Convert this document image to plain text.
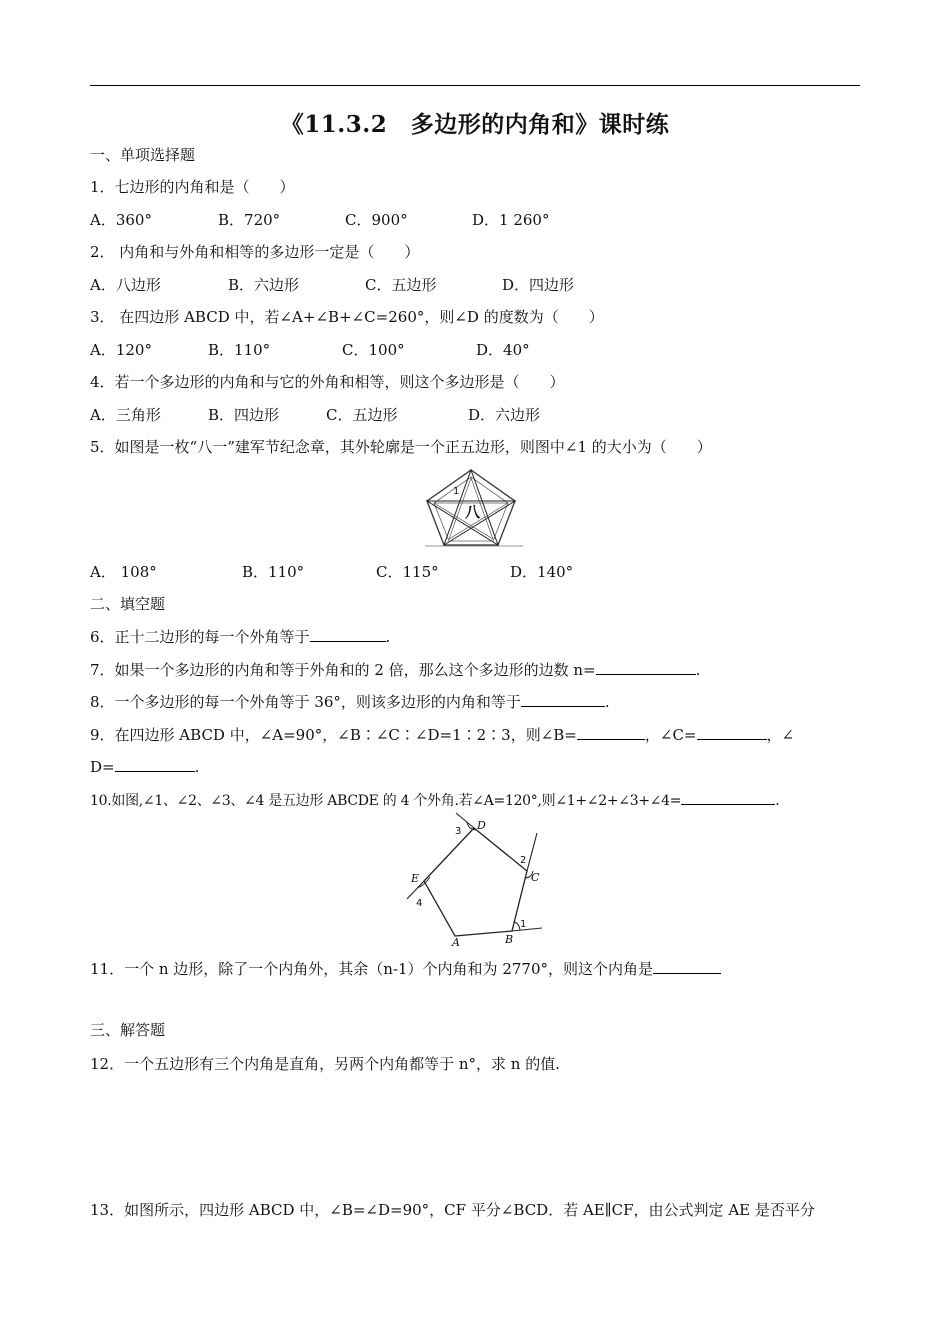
《11.3.2　多边形的内角和》课时练
一、单项选择题
1．七边形的内角和是（　　）
A．360°	B．720°	C．900°	D．1 260°
2． 内角和与外角和相等的多边形一定是（　　）
A．八边形	B．六边形	C．五边形	D．四边形
3． 在四边形 ABCD 中，若∠A+∠B+∠C=260°，则∠D 的度数为（　　）
A．120°	B．110°	C．100°	D．40°
4．若一个多边形的内角和与它的外角和相等，则这个多边形是（　　）
A．三角形	B．四边形	C．五边形	D．六边形
5．如图是一枚“八一”建军节纪念章，其外轮廓是一个正五边形，则图中∠1 的大小为（　　）
八
1
A． 108°	B．110°	C．115°	D．140°
二、填空题
6．正十二边形的每一个外角等于	.
7．如果一个多边形的内角和等于外角和的 2 倍，那么这个多边形的边数 n=	.
8．一个多边形的每一个外角等于 36°，则该多边形的内角和等于	.
9．在四边形 ABCD 中，∠A=90°，∠B∶∠C∶∠D=1∶2∶3，则∠B=	，∠C=	，∠
D=	.
10.如图,∠1、∠2、∠3、∠4 是五边形 ABCDE 的 4 个外角.若∠A=120°,则∠1+∠2+∠3+∠4=	.
A	B
C
D
E
1
2
3
4
11．一个 n 边形，除了一个内角外，其余（n-1）个内角和为 2770°，则这个内角是
三、解答题
12．一个五边形有三个内角是直角，另两个内角都等于 n°，求 n 的值.
13．如图所示，四边形 ABCD 中，∠B=∠D=90°，CF 平分∠BCD．若 AE∥CF，由公式判定 AE 是否平分
